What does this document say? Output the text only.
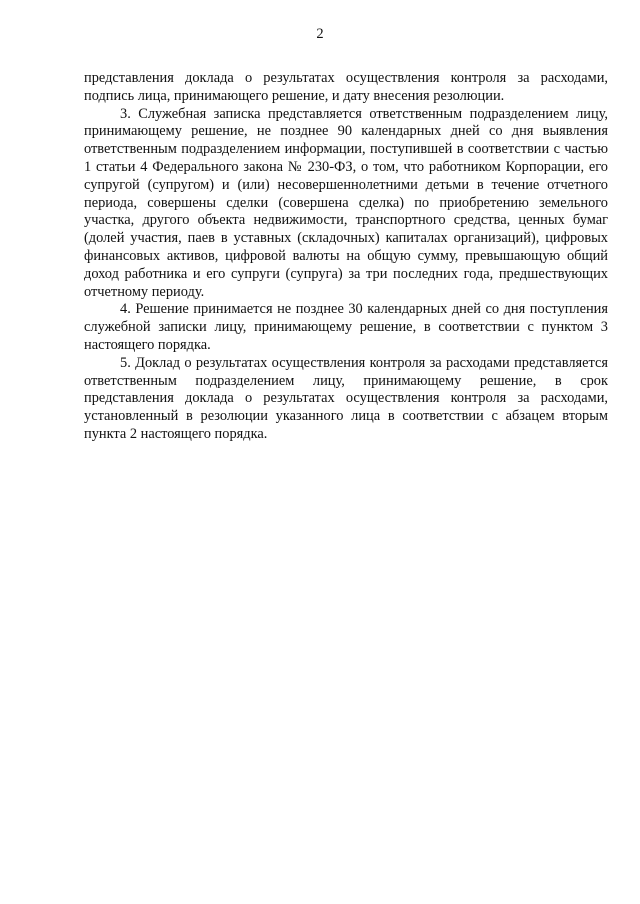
2

представления доклада о результатах осуществления контроля за расходами, подпись лица, принимающего решение, и дату внесения резолюции.

3. Служебная записка представляется ответственным подразделением лицу, принимающему решение, не позднее 90 календарных дней со дня выявления ответственным подразделением информации, поступившей в соответствии с частью 1 статьи 4 Федерального закона № 230-ФЗ, о том, что работником Корпорации, его супругой (супругом) и (или) несовершеннолетними детьми в течение отчетного периода, совершены сделки (совершена сделка) по приобретению земельного участка, другого объекта недвижимости, транспортного средства, ценных бумаг (долей участия, паев в уставных (складочных) капиталах организаций), цифровых финансовых активов, цифровой валюты на общую сумму, превышающую общий доход работника и его супруги (супруга) за три последних года, предшествующих отчетному периоду.

4. Решение принимается не позднее 30 календарных дней со дня поступления служебной записки лицу, принимающему решение, в соответствии с пунктом 3 настоящего порядка.

5. Доклад о результатах осуществления контроля за расходами представляется ответственным подразделением лицу, принимающему решение, в срок представления доклада о результатах осуществления контроля за расходами, установленный в резолюции указанного лица в соответствии с абзацем вторым пункта 2 настоящего порядка.
